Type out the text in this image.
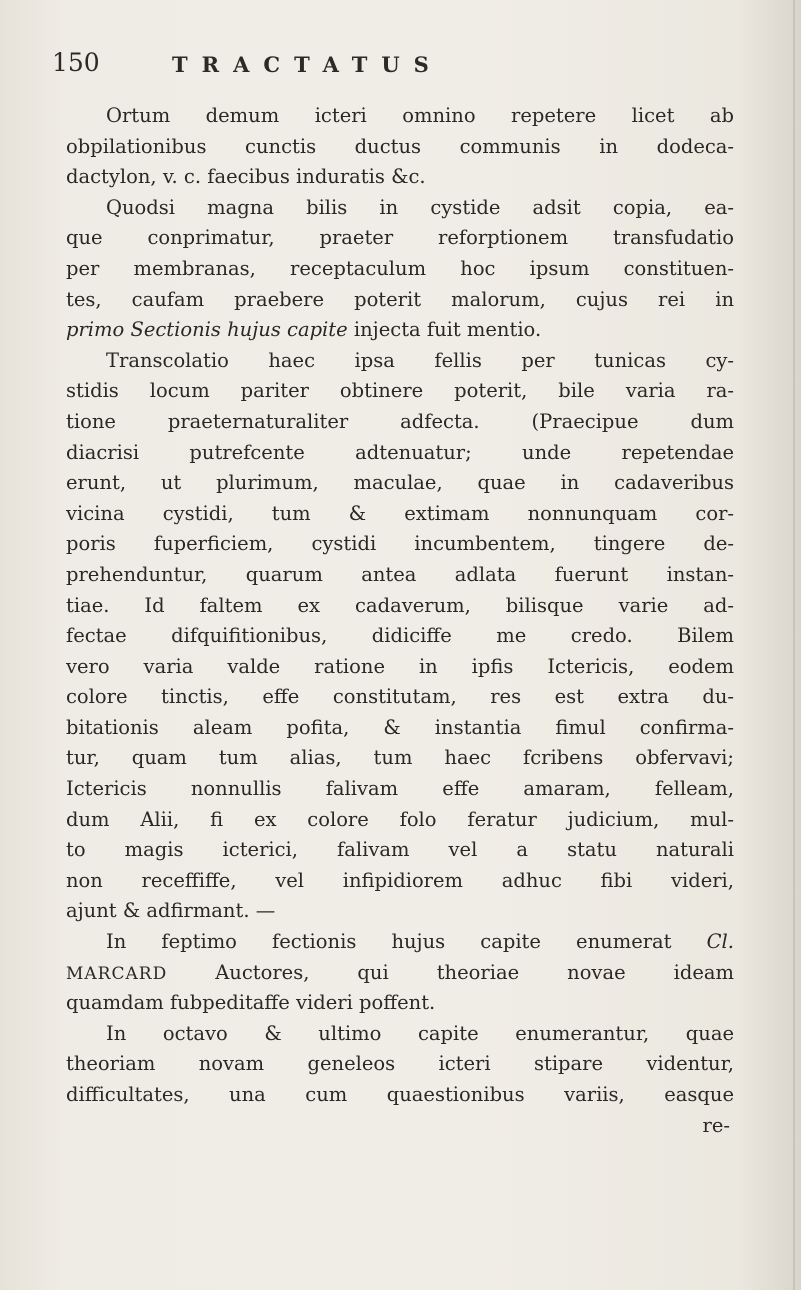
150	TRACTATUS
Ortum demum icteri omnino repetere licet ab
obpilationibus cunctis ductus communis in dodeca-
dactylon, v. c. faecibus induratis &c.
Quodsi magna bilis in cystide adsit copia, ea-
que conprimatur, praeter reforptionem transfudatio
per membranas, receptaculum hoc ipsum constituen-
tes, caufam praebere poterit malorum, cujus rei in
primo Sectionis hujus capite injecta fuit mentio.
Transcolatio haec ipsa fellis per tunicas cy-
stidis locum pariter obtinere poterit, bile varia ra-
tione praeternaturaliter adfecta. (Praecipue dum
diacrisi putrefcente adtenuatur; unde repetendae
erunt, ut plurimum, maculae, quae in cadaveribus
vicina cystidi, tum & extimam nonnunquam cor-
poris fuperficiem, cystidi incumbentem, tingere de-
prehenduntur, quarum antea adlata fuerunt instan-
tiae. Id faltem ex cadaverum, bilisque varie ad-
fectae difquifitionibus, didiciffe me credo. Bilem
vero varia valde ratione in ipfis Ictericis, eodem
colore tinctis, effe constitutam, res est extra du-
bitationis aleam pofita, & instantia fimul confirma-
tur, quam tum alias, tum haec fcribens obfervavi;
Ictericis nonnullis falivam effe amaram, felleam,
dum Alii, fi ex colore folo feratur judicium, mul-
to magis icterici, falivam vel a statu naturali
non receffiffe, vel infipidiorem adhuc fibi videri,
ajunt & adfirmant. —
In feptimo fectionis hujus capite enumerat Cl.
MARCARD Auctores, qui theoriae novae ideam
quamdam fubpeditaffe videri poffent.
In octavo & ultimo capite enumerantur, quae
theoriam novam geneleos icteri stipare videntur,
difficultates, una cum quaestionibus variis, easque
re-
